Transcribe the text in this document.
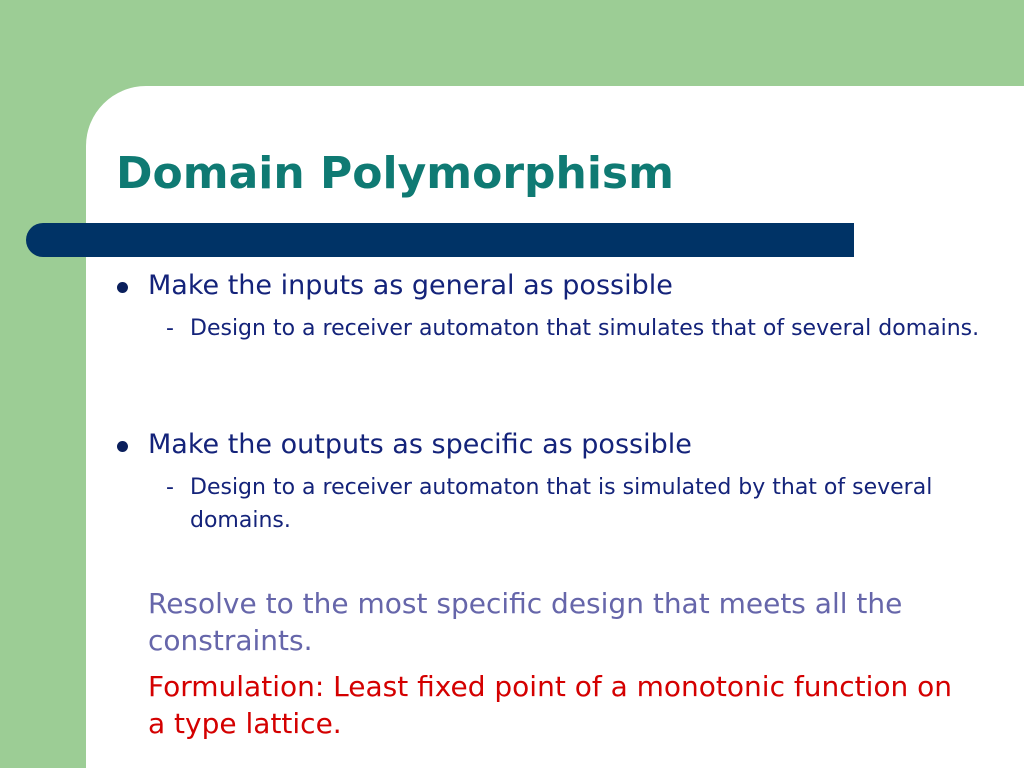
Domain Polymorphism
Make the inputs as general as possible
- Design to a receiver automaton that simulates that of several domains.
Make the outputs as specific as possible
- Design to a receiver automaton that is simulated by that of several domains.
Resolve to the most specific design that meets all the constraints.
Formulation: Least fixed point of a monotonic function on a type lattice.
